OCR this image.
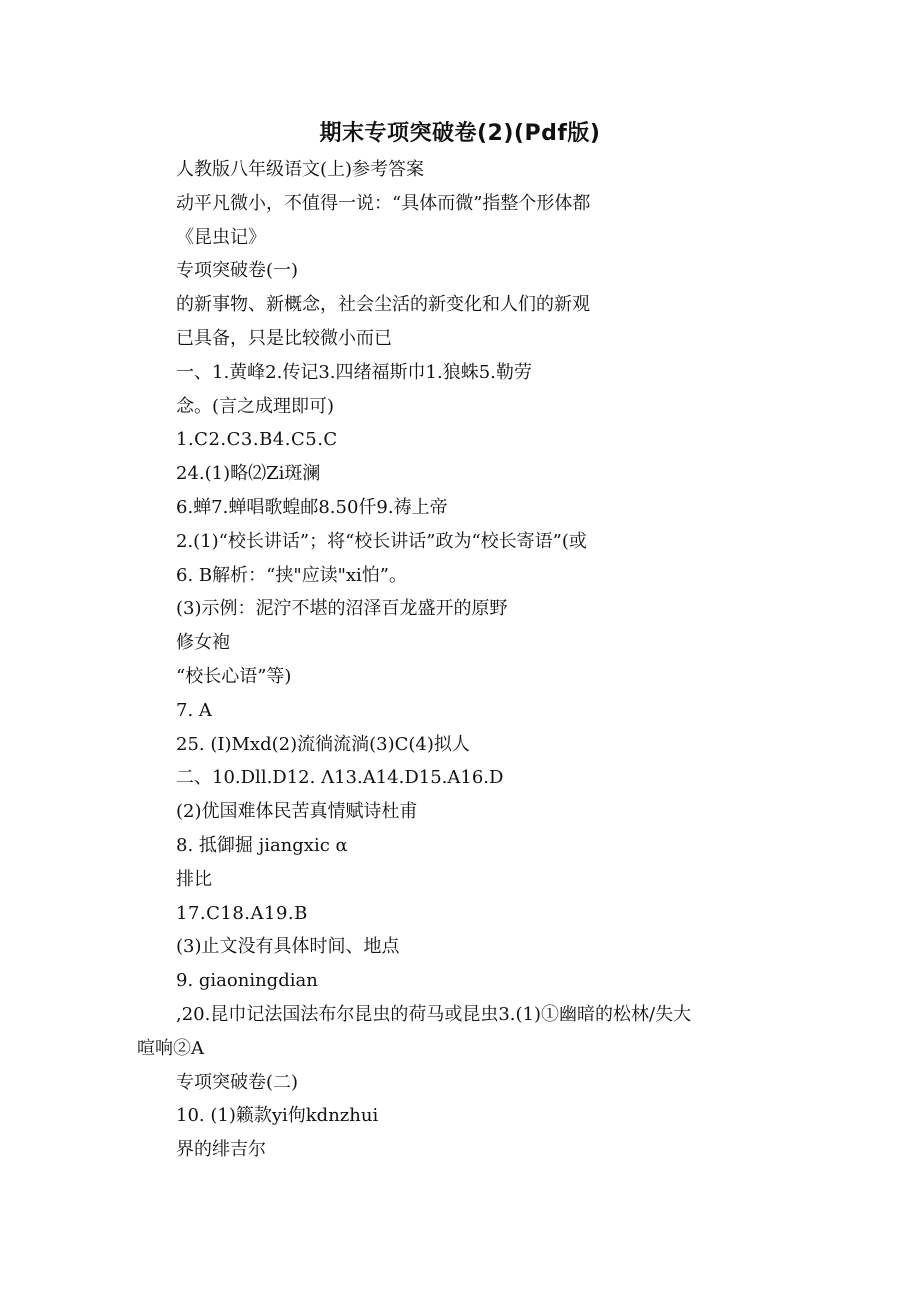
期末专项突破卷(2)(Pdf版)
人教版八年级语文(上)参考答案
动平凡微小，不值得一说：“具体而微”指整个形体都
《昆虫记》
专项突破卷(一)
的新事物、新概念，社会尘活的新变化和人们的新观
已具备，只是比较微小而已
一、1.黄峰2.传记3.四绪福斯巾1.狼蛛5.勒劳
念。(言之成理即可)
1.C2.C3.B4.C5.C
24.(1)略⑵Zi斑澜
6.蝉7.蝉唱歌蝗邮8.50仟9.祷上帝
2.(1)“校长讲话”；将“校长讲话”政为“校长寄语”(或
6. B解析：“挟"应读"xi怕”。
(3)示例：泥泞不堪的沼泽百龙盛开的原野
修女袍
“校长心语”等)
7. A
25. (I)Mxd(2)流徜流淌(3)C(4)拟人
二、10.Dll.D12. Λ13.A14.D15.A16.D
(2)优国难体民苦真情赋诗杜甫
8. 抵御掘 jiangxic α
排比
17.C18.A19.B
(3)止文没有具体时间、地点
9. giaoningdian
,20.昆巾记法国法布尔昆虫的荷马或昆虫3.(1)①幽暗的松林/失大
喧响②A
专项突破卷(二)
10. (1)籁款yi佝kdnzhui
界的绯吉尔
